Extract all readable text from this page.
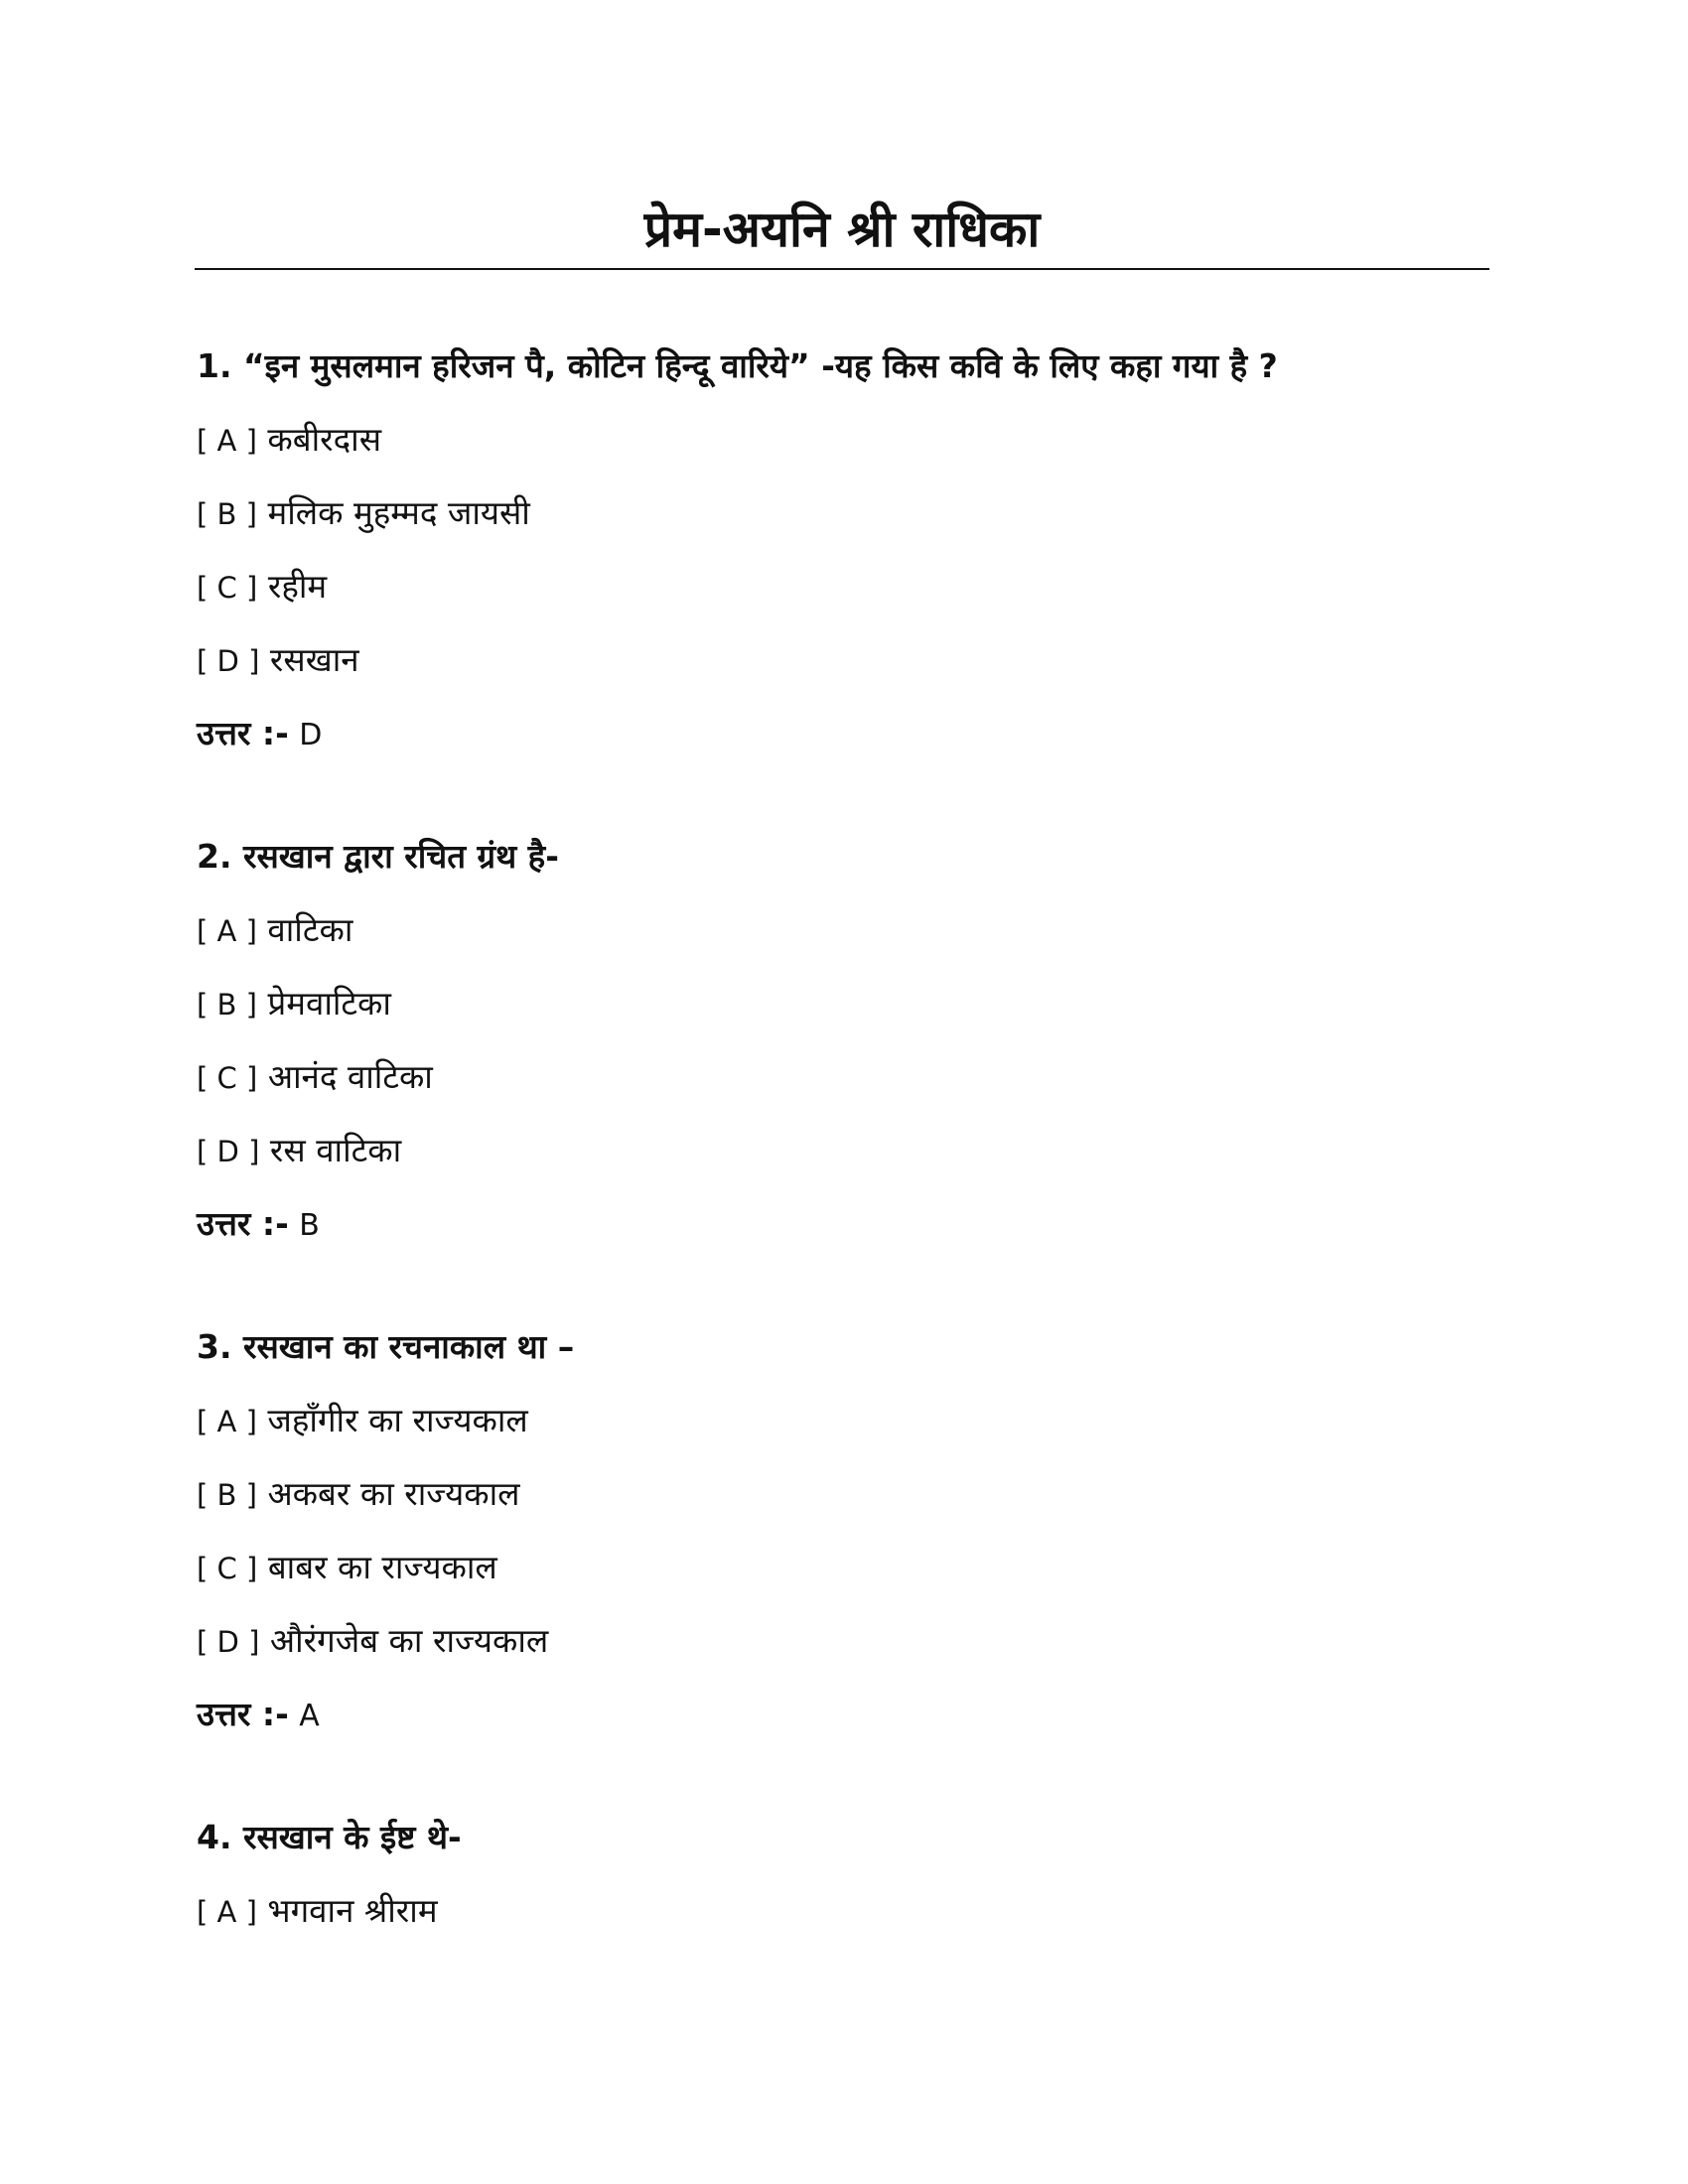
प्रेम-अयनि श्री राधिका

1. “इन मुसलमान हरिजन पै, कोटिन हिन्दू वारिये” -यह किस कवि के लिए कहा गया है ?

[ A ] कबीरदास

[ B ] मलिक मुहम्मद जायसी

[ C ] रहीम

[ D ] रसखान

उत्तर :- D

2. रसखान द्वारा रचित ग्रंथ है-

[ A ] वाटिका

[ B ] प्रेमवाटिका

[ C ] आनंद वाटिका

[ D ] रस वाटिका

उत्तर :- B

3. रसखान का रचनाकाल था –

[ A ] जहाँगीर का राज्यकाल

[ B ] अकबर का राज्यकाल

[ C ] बाबर का राज्यकाल

[ D ] औरंगजेब का राज्यकाल

उत्तर :- A

4. रसखान के ईष्ट थे-

[ A ] भगवान श्रीराम
